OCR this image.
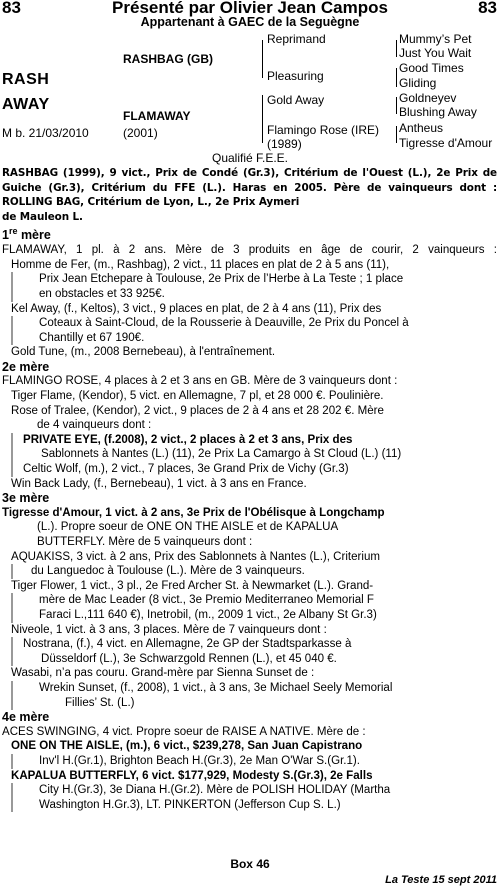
83	Présenté par Olivier Jean Campos	83
Appartenant à GAEC de la Seguègne
RASH
AWAY
M b. 21/03/2010
RASHBAG (GB)
FLAMAWAY
(2001)
Reprimand
Pleasuring
Gold Away
Flamingo Rose (IRE)
(1989)
Mummy’s Pet
Just You Wait
Good Times
Gliding
Goldneyev
Blushing Away
Antheus
Tigresse d'Amour
Qualifié F.E.E.
RASHBAG (1999), 9 vict., Prix de Condé (Gr.3), Critérium de l'Ouest (L.), 2e Prix de Guiche (Gr.3), Critérium du FFE (L.). Haras en 2005. Père de vainqueurs dont : ROLLING BAG, Critérium de Lyon, L., 2e Prix Aymeri
de Mauleon L.
1re mère
FLAMAWAY, 1 pl. à 2 ans. Mère de 3 produits en âge de courir, 2 vainqueurs :
Homme de Fer, (m., Rashbag), 2 vict., 11 places en plat de 2 à 5 ans (11),
Prix Jean Etchepare à Toulouse, 2e Prix de l’Herbe à La Teste ; 1 place
en obstacles et 33 925€.
Kel Away, (f., Keltos), 3 vict., 9 places en plat, de 2 à 4 ans (11), Prix des
Coteaux à Saint-Cloud, de la Rousserie à Deauville, 2e Prix du Poncel à
Chantilly et 67 190€.
Gold Tune, (m., 2008 Bernebeau), à l'entraînement.
2e mère
FLAMINGO ROSE, 4 places à 2 et 3 ans en GB. Mère de 3 vainqueurs dont :
Tiger Flame, (Kendor), 5 vict. en Allemagne, 7 pl, et 28 000 €. Poulinière.
Rose of Tralee, (Kendor), 2 vict., 9 places de 2 à 4 ans et 28 202 €. Mère
de 4 vainqueurs dont :
PRIVATE EYE, (f.2008), 2 vict., 2 places à 2 et 3 ans, Prix des
Sablonnets à Nantes (L.) (11), 2e Prix La Camargo à St Cloud (L.) (11)
Celtic Wolf, (m.), 2 vict., 7 places, 3e Grand Prix de Vichy (Gr.3)
Win Back Lady, (f., Bernebeau), 1 vict. à 3 ans en France.
3e mère
Tigresse d'Amour, 1 vict. à 2 ans, 3e Prix de l'Obélisque à Longchamp
(L.). Propre soeur de ONE ON THE AISLE et de KAPALUA
BUTTERFLY. Mère de 5 vainqueurs dont :
AQUAKISS, 3 vict. à 2 ans, Prix des Sablonnets à Nantes (L.), Criterium
du Languedoc à Toulouse (L.). Mère de 3 vainqueurs.
Tiger Flower, 1 vict., 3 pl., 2e Fred Archer St. à Newmarket (L.). Grand-
mère de Mac Leader (8 vict., 3e Premio Mediterraneo Memorial F
Faraci L.,111 640 €), Inetrobil, (m., 2009 1 vict., 2e Albany St Gr.3)
Niveole, 1 vict. à 3 ans, 3 places. Mère de 7 vainqueurs dont :
Nostrana, (f.), 4 vict. en Allemagne, 2e GP der Stadtsparkasse à
Düsseldorf (L.), 3e Schwarzgold Rennen (L.), et 45 040 €.
Wasabi, n’a pas couru. Grand-mère par Sienna Sunset de :
Wrekin Sunset, (f., 2008), 1 vict., à 3 ans, 3e Michael Seely Memorial
Fillies’ St. (L.)
4e mère
ACES SWINGING, 4 vict. Propre soeur de RAISE A NATIVE. Mère de :
ONE ON THE AISLE, (m.), 6 vict., $239,278, San Juan Capistrano
Inv'l H.(Gr.1), Brighton Beach H.(Gr.3), 2e Man O'War S.(Gr.1).
KAPALUA BUTTERFLY, 6 vict. $177,929, Modesty S.(Gr.3), 2e Falls
City H.(Gr.3), 3e Diana H.(Gr.2). Mère de POLISH HOLIDAY (Martha
Washington H.Gr.3), LT. PINKERTON (Jefferson Cup S. L.)
Box 46
La Teste 15 sept 2011
